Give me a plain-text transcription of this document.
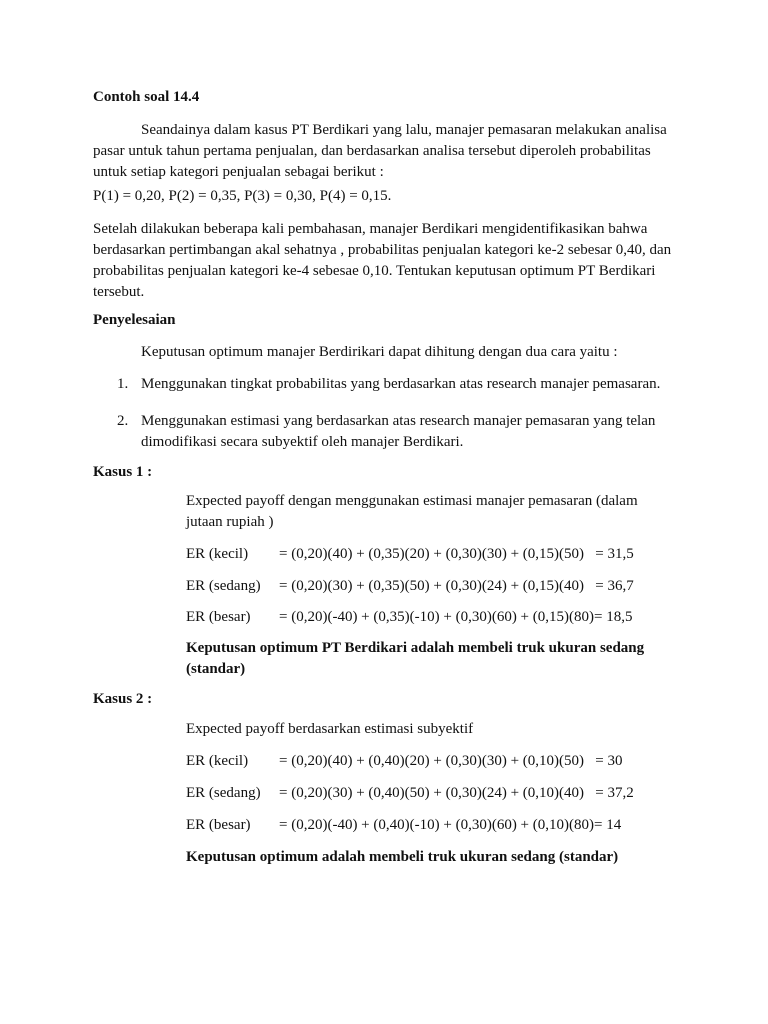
Contoh soal 14.4

Seandainya dalam kasus PT Berdikari yang lalu, manajer pemasaran melakukan analisa pasar untuk tahun pertama penjualan, dan berdasarkan analisa tersebut diperoleh probabilitas untuk setiap kategori penjualan sebagai berikut :

P(1) = 0,20, P(2) = 0,35, P(3) = 0,30, P(4) = 0,15.

Setelah dilakukan beberapa kali pembahasan, manajer Berdikari mengidentifikasikan bahwa berdasarkan pertimbangan akal sehatnya , probabilitas penjualan kategori ke-2 sebesar 0,40, dan probabilitas penjualan kategori ke-4 sebesae 0,10. Tentukan keputusan optimum PT Berdikari tersebut.

Penyelesaian

Keputusan optimum manajer Berdirikari dapat dihitung dengan dua cara yaitu :

1. Menggunakan tingkat probabilitas yang berdasarkan atas research manajer pemasaran.
2. Menggunakan estimasi yang berdasarkan atas research manajer pemasaran yang telan dimodifikasi secara subyektif oleh manajer Berdikari.

Kasus 1 :

Expected payoff dengan menggunakan estimasi manajer pemasaran (dalam jutaan rupiah )

ER (kecil) = (0,20)(40) + (0,35)(20) + (0,30)(30) + (0,15)(50)   = 31,5
ER (sedang) = (0,20)(30) + (0,35)(50) + (0,30)(24) + (0,15)(40)   = 36,7
ER (besar) = (0,20)(-40) + (0,35)(-10) + (0,30)(60) + (0,15)(80)= 18,5

Keputusan optimum PT Berdikari adalah membeli truk ukuran sedang (standar)

Kasus 2 :

Expected payoff berdasarkan estimasi subyektif

ER (kecil) = (0,20)(40) + (0,40)(20) + (0,30)(30) + (0,10)(50)   = 30
ER (sedang) = (0,20)(30) + (0,40)(50) + (0,30)(24) + (0,10)(40)   = 37,2
ER (besar) = (0,20)(-40) + (0,40)(-10) + (0,30)(60) + (0,10)(80)= 14

Keputusan optimum adalah membeli truk ukuran sedang (standar)
